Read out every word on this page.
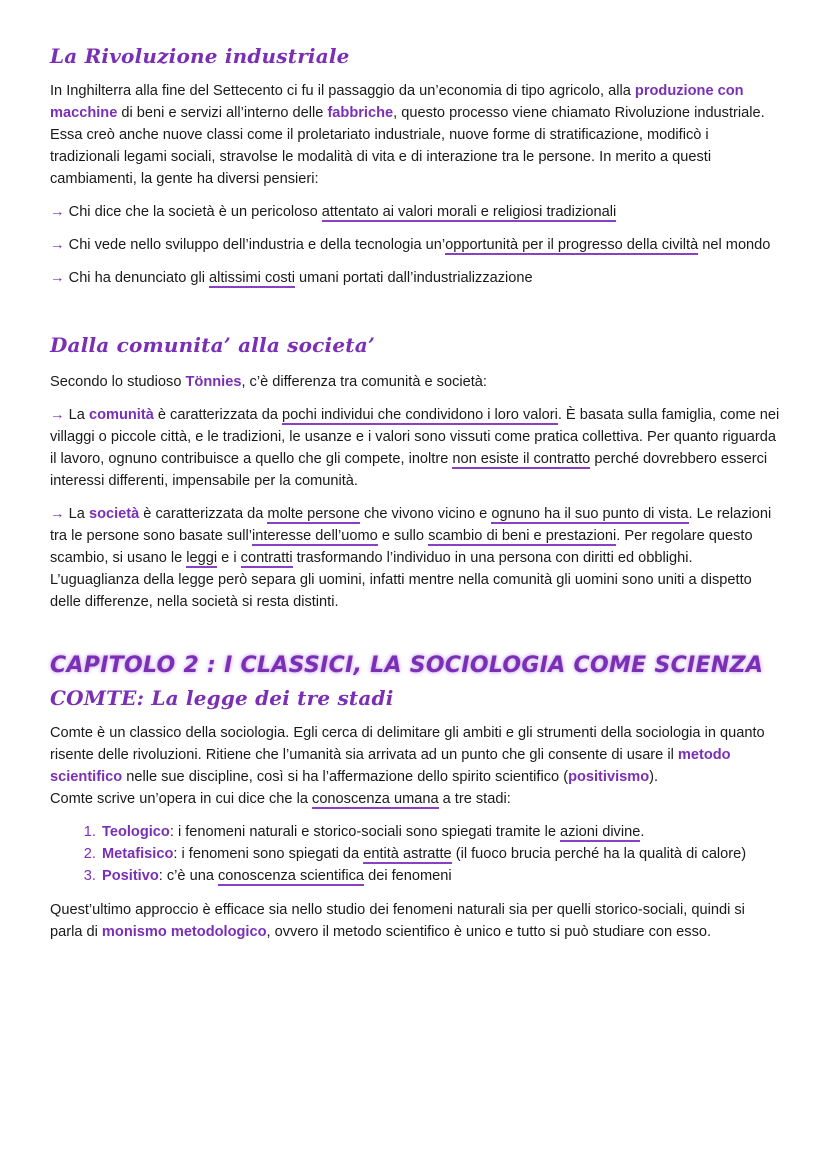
La Rivoluzione industriale

In Inghilterra alla fine del Settecento ci fu il passaggio da un’economia di tipo agricolo, alla produzione con macchine di beni e servizi all’interno delle fabbriche, questo processo viene chiamato Rivoluzione industriale. Essa creò anche nuove classi come il proletariato industriale, nuove forme di stratificazione, modificò i tradizionali legami sociali, stravolse le modalità di vita e di interazione tra le persone. In merito a questi cambiamenti, la gente ha diversi pensieri:

→ Chi dice che la società è un pericoloso attentato ai valori morali e religiosi tradizionali

→ Chi vede nello sviluppo dell’industria e della tecnologia un’opportunità per il progresso della civiltà nel mondo

→ Chi ha denunciato gli altissimi costi umani portati dall’industrializzazione

Dalla comunita’ alla societa’

Secondo lo studioso Tönnies, c’è differenza tra comunità e società:

→ La comunità è caratterizzata da pochi individui che condividono i loro valori. È basata sulla famiglia, come nei villaggi o piccole città, e le tradizioni, le usanze e i valori sono vissuti come pratica collettiva. Per quanto riguarda il lavoro, ognuno contribuisce a quello che gli compete, inoltre non esiste il contratto perché dovrebbero esserci interessi differenti, impensabile per la comunità.

→ La società è caratterizzata da molte persone che vivono vicino e ognuno ha il suo punto di vista. Le relazioni tra le persone sono basate sull’interesse dell’uomo e sullo scambio di beni e prestazioni. Per regolare questo scambio, si usano le leggi e i contratti trasformando l’individuo in una persona con diritti ed obblighi. L’uguaglianza della legge però separa gli uomini, infatti mentre nella comunità gli uomini sono uniti a dispetto delle differenze, nella società si resta distinti.

CAPITOLO 2 : I CLASSICI, LA SOCIOLOGIA COME SCIENZA
COMTE: La legge dei tre stadi

Comte è un classico della sociologia. Egli cerca di delimitare gli ambiti e gli strumenti della sociologia in quanto risente delle rivoluzioni. Ritiene che l’umanità sia arrivata ad un punto che gli consente di usare il metodo scientifico nelle sue discipline, così si ha l’affermazione dello spirito scientifico (positivismo).
Comte scrive un’opera in cui dice che la conoscenza umana a tre stadi:

1. Teologico: i fenomeni naturali e storico-sociali sono spiegati tramite le azioni divine.
2. Metafisico: i fenomeni sono spiegati da entità astratte (il fuoco brucia perché ha la qualità di calore)
3. Positivo: c’è una conoscenza scientifica dei fenomeni

Quest’ultimo approccio è efficace sia nello studio dei fenomeni naturali sia per quelli storico-sociali, quindi si parla di monismo metodologico, ovvero il metodo scientifico è unico e tutto si può studiare con esso.
